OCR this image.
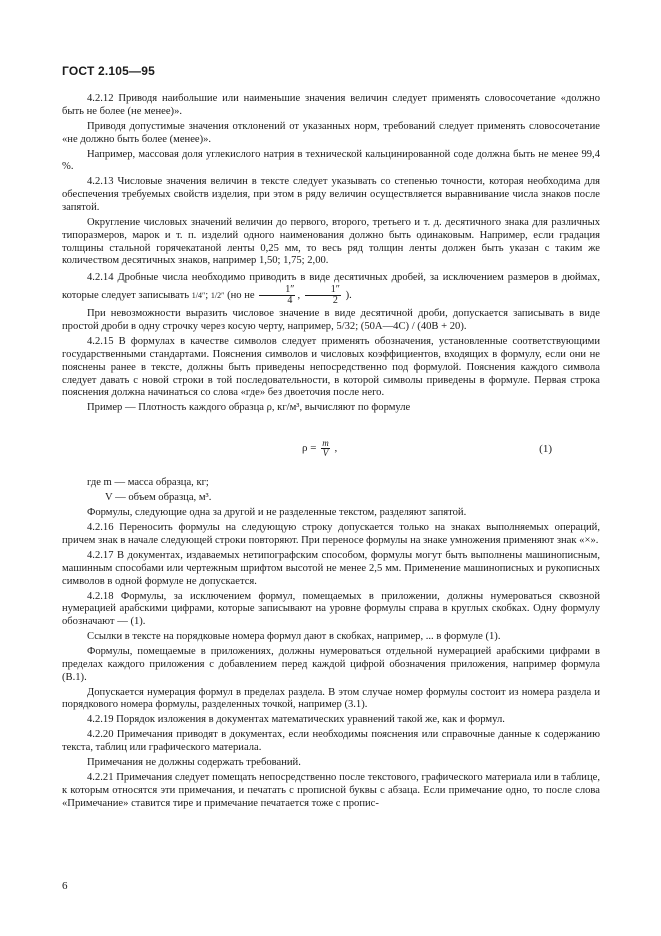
ГОСТ 2.105—95

4.2.12 Приводя наибольшие или наименьшие значения величин следует применять словосочетание «должно быть не более (не менее)».

Приводя допустимые значения отклонений от указанных норм, требований следует применять словосочетание «не должно быть более (менее)».

Например, массовая доля углекислого натрия в технической кальцинированной соде должна быть не менее 99,4 %.

4.2.13 Числовые значения величин в тексте следует указывать со степенью точности, которая необходима для обеспечения требуемых свойств изделия, при этом в ряду величин осуществляется выравнивание числа знаков после запятой.

Округление числовых значений величин до первого, второго, третьего и т. д. десятичного знака для различных типоразмеров, марок и т. п. изделий одного наименования должно быть одинаковым. Например, если градация толщины стальной горячекатаной ленты 0,25 мм, то весь ряд толщин ленты должен быть указан с таким же количеством десятичных знаков, например 1,50; 1,75; 2,00.

4.2.14 Дробные числа необходимо приводить в виде десятичных дробей, за исключением размеров в дюймах, которые следует записывать 1/4″; 1/2″ (но не $\frac{1''}{4}$ , $\frac{1''}{2}$ ).

При невозможности выразить числовое значение в виде десятичной дроби, допускается записывать в виде простой дроби в одну строчку через косую черту, например, 5/32; (50А—4С) / (40В + 20).

4.2.15 В формулах в качестве символов следует применять обозначения, установленные соответствующими государственными стандартами. Пояснения символов и числовых коэффициентов, входящих в формулу, если они не пояснены ранее в тексте, должны быть приведены непосредственно под формулой. Пояснения каждого символа следует давать с новой строки в той последовательности, в которой символы приведены в формуле. Первая строка пояснения должна начинаться со слова «где» без двоеточия после него.

Пример — Плотность каждого образца ρ, кг/м³, вычисляют по формуле

$\rho = \frac{m}{V}$ ,	(1)

где m — масса образца, кг;

V — объем образца, м³.

Формулы, следующие одна за другой и не разделенные текстом, разделяют запятой.

4.2.16 Переносить формулы на следующую строку допускается только на знаках выполняемых операций, причем знак в начале следующей строки повторяют. При переносе формулы на знаке умножения применяют знак «×».

4.2.17 В документах, издаваемых нетипографским способом, формулы могут быть выполнены машинописным, машинным способами или чертежным шрифтом высотой не менее 2,5 мм. Применение машинописных и рукописных символов в одной формуле не допускается.

4.2.18 Формулы, за исключением формул, помещаемых в приложении, должны нумероваться сквозной нумерацией арабскими цифрами, которые записывают на уровне формулы справа в круглых скобках. Одну формулу обозначают — (1).

Ссылки в тексте на порядковые номера формул дают в скобках, например, ... в формуле (1).

Формулы, помещаемые в приложениях, должны нумероваться отдельной нумерацией арабскими цифрами в пределах каждого приложения с добавлением перед каждой цифрой обозначения приложения, например формула (В.1).

Допускается нумерация формул в пределах раздела. В этом случае номер формулы состоит из номера раздела и порядкового номера формулы, разделенных точкой, например (3.1).

4.2.19 Порядок изложения в документах математических уравнений такой же, как и формул.

4.2.20 Примечания приводят в документах, если необходимы пояснения или справочные данные к содержанию текста, таблиц или графического материала.

Примечания не должны содержать требований.

4.2.21 Примечания следует помещать непосредственно после текстового, графического материала или в таблице, к которым относятся эти примечания, и печатать с прописной буквы с абзаца. Если примечание одно, то после слова «Примечание» ставится тире и примечание печатается тоже с пропис-

6
